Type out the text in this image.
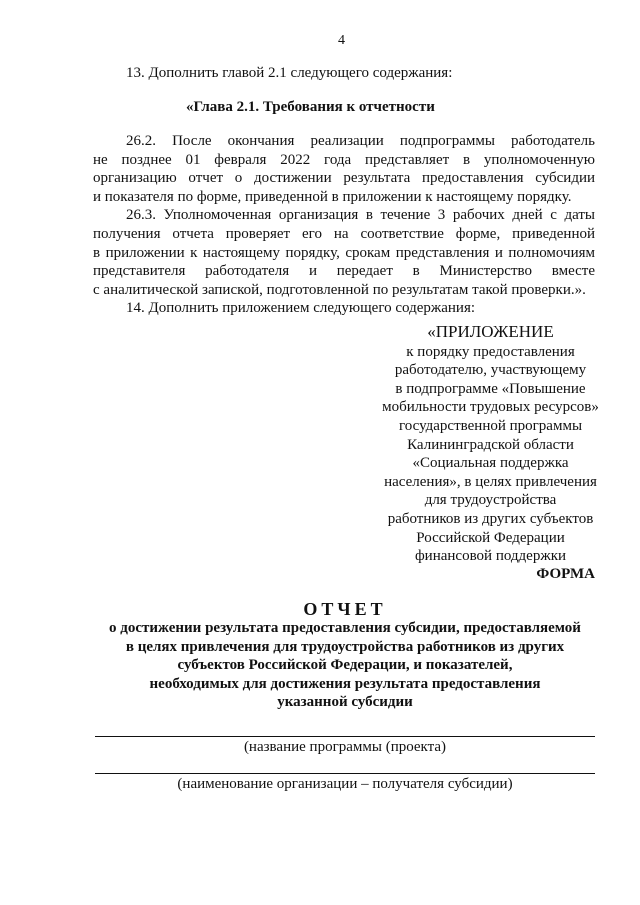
4
13. Дополнить главой 2.1 следующего содержания:
«Глава 2.1. Требования к отчетности
26.2. После окончания реализации подпрограммы работодатель
не позднее 01 февраля 2022 года представляет в уполномоченную
организацию отчет о достижении результата предоставления субсидии
и показателя по форме, приведенной в приложении к настоящему порядку.
26.3. Уполномоченная организация в течение 3 рабочих дней с даты
получения отчета проверяет его на соответствие форме, приведенной
в приложении к настоящему порядку, срокам представления и полномочиям
представителя работодателя и передает в Министерство вместе
с аналитической запиской, подготовленной по результатам такой проверки.».
14. Дополнить приложением следующего содержания:
«ПРИЛОЖЕНИЕ
к порядку предоставления
работодателю, участвующему
в подпрограмме «Повышение
мобильности трудовых ресурсов»
государственной программы
Калининградской области
«Социальная поддержка
населения», в целях привлечения
для трудоустройства
работников из других субъектов
Российской Федерации
финансовой поддержки
ФОРМА
ОТЧЕТ
о достижении результата предоставления субсидии, предоставляемой
в целях привлечения для трудоустройства работников из других
субъектов Российской Федерации, и показателей,
необходимых для достижения результата предоставления
указанной субсидии
(название программы (проекта)
(наименование организации – получателя субсидии)
